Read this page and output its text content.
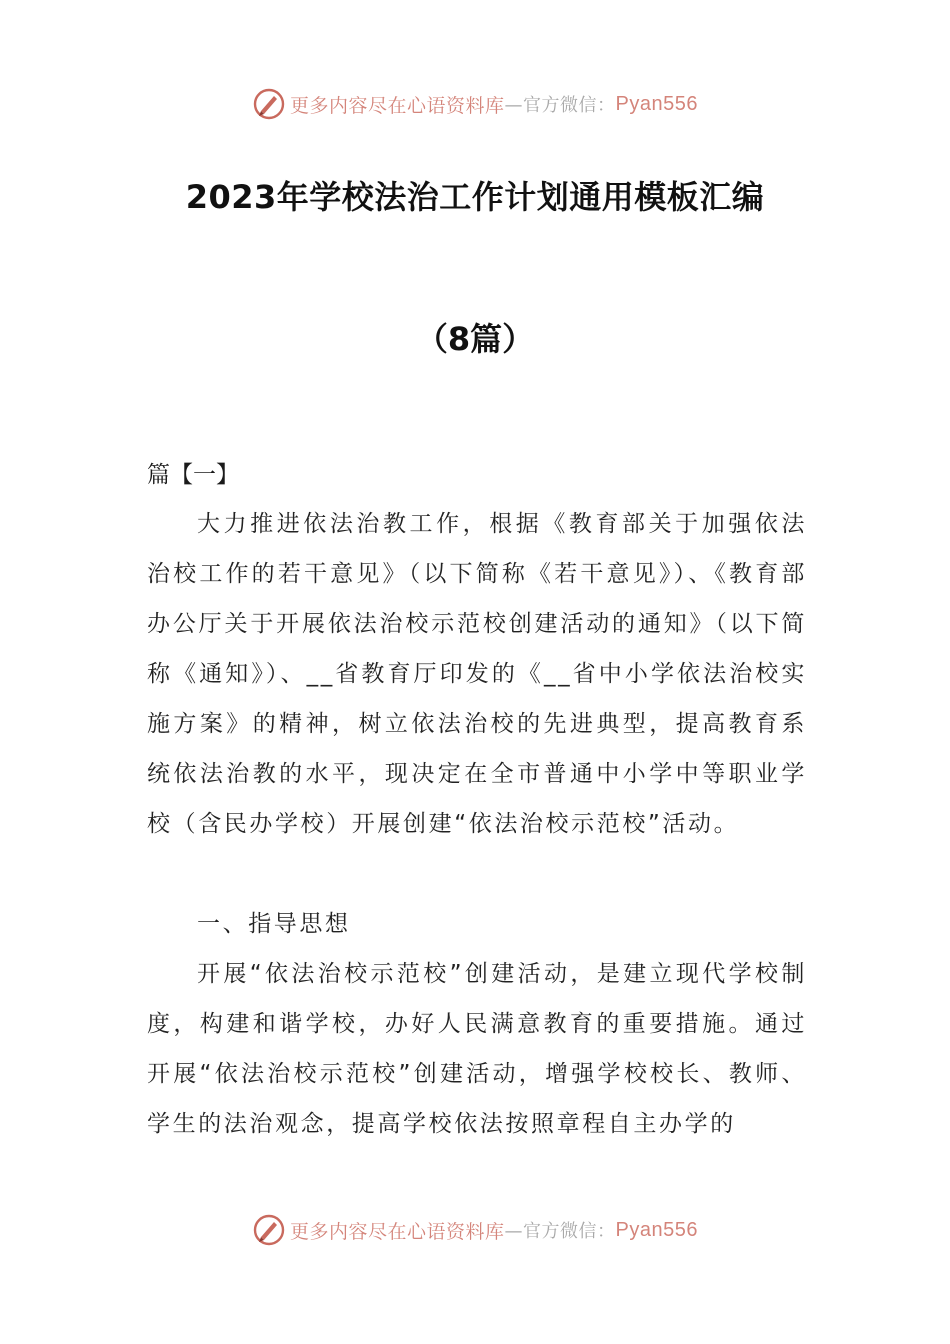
更多内容尽在心语资料库 —官方微信： Pyan556
2023年学校法治工作计划通用模板汇编
（8篇）
篇【一】

大力推进依法治教工作，根据《教育部关于加强依法治校工作的若干意见》（以下简称《若干意见》）、《教育部办公厅关于开展依法治校示范校创建活动的通知》（以下简称《通知》）、__省教育厅印发的《__省中小学依法治校实施方案》的精神，树立依法治校的先进典型，提高教育系统依法治教的水平，现决定在全市普通中小学中等职业学校（含民办学校）开展创建“依法治校示范校”活动。

一、指导思想

开展“依法治校示范校”创建活动，是建立现代学校制度，构建和谐学校，办好人民满意教育的重要措施。通过开展“依法治校示范校”创建活动，增强学校校长、教师、学生的法治观念，提高学校依法按照章程自主办学的

更多内容尽在心语资料库 —官方微信： Pyan556
